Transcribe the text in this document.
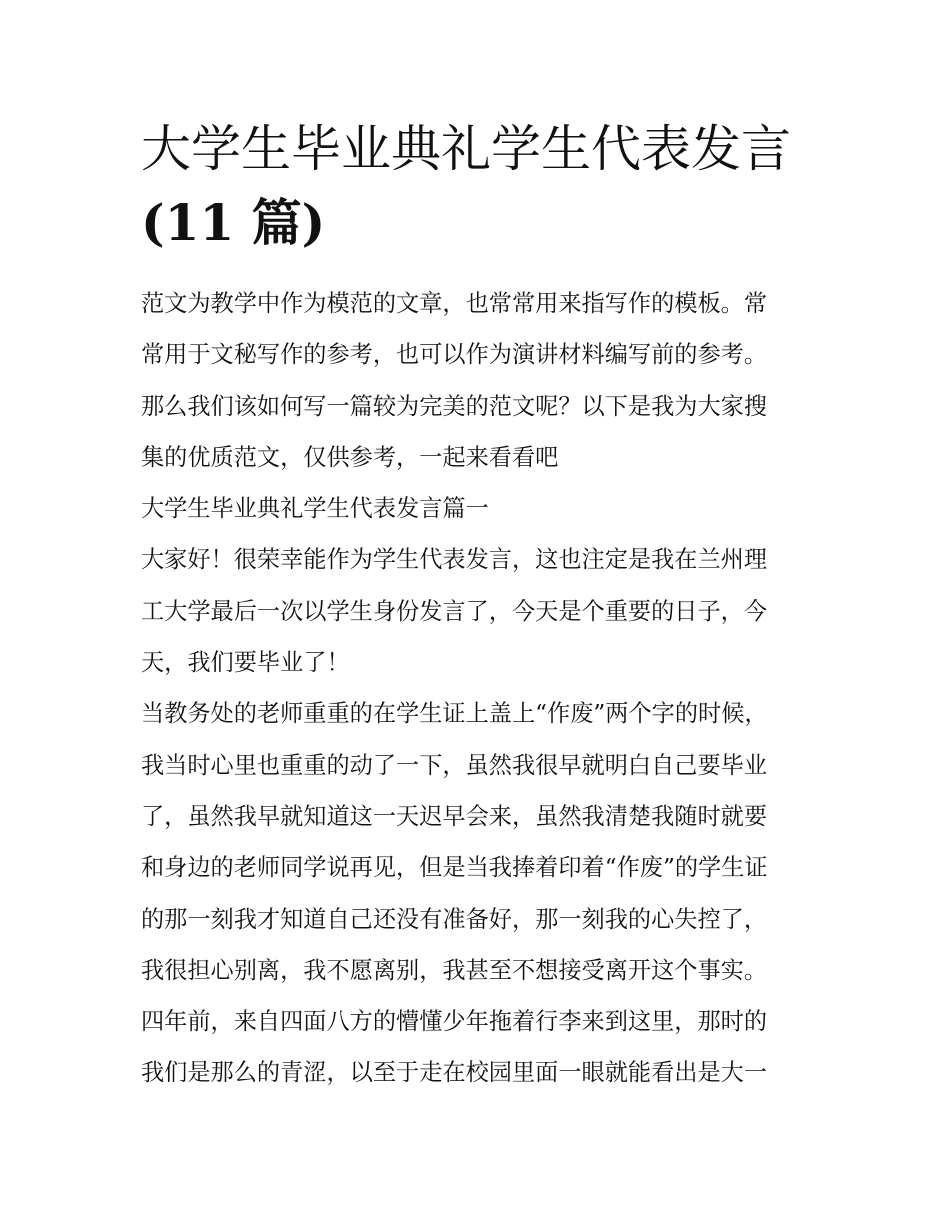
大学生毕业典礼学生代表发言
(11 篇)
范文为教学中作为模范的文章，也常常用来指写作的模板。常
常用于文秘写作的参考，也可以作为演讲材料编写前的参考。
那么我们该如何写一篇较为完美的范文呢？以下是我为大家搜
集的优质范文，仅供参考，一起来看看吧
大学生毕业典礼学生代表发言篇一
大家好！很荣幸能作为学生代表发言，这也注定是我在兰州理
工大学最后一次以学生身份发言了，今天是个重要的日子，今
天，我们要毕业了！
当教务处的老师重重的在学生证上盖上“作废”两个字的时候，
我当时心里也重重的动了一下，虽然我很早就明白自己要毕业
了，虽然我早就知道这一天迟早会来，虽然我清楚我随时就要
和身边的老师同学说再见，但是当我捧着印着“作废”的学生证
的那一刻我才知道自己还没有准备好，那一刻我的心失控了，
我很担心别离，我不愿离别，我甚至不想接受离开这个事实。
四年前，来自四面八方的懵懂少年拖着行李来到这里，那时的
我们是那么的青涩，以至于走在校园里面一眼就能看出是大一
